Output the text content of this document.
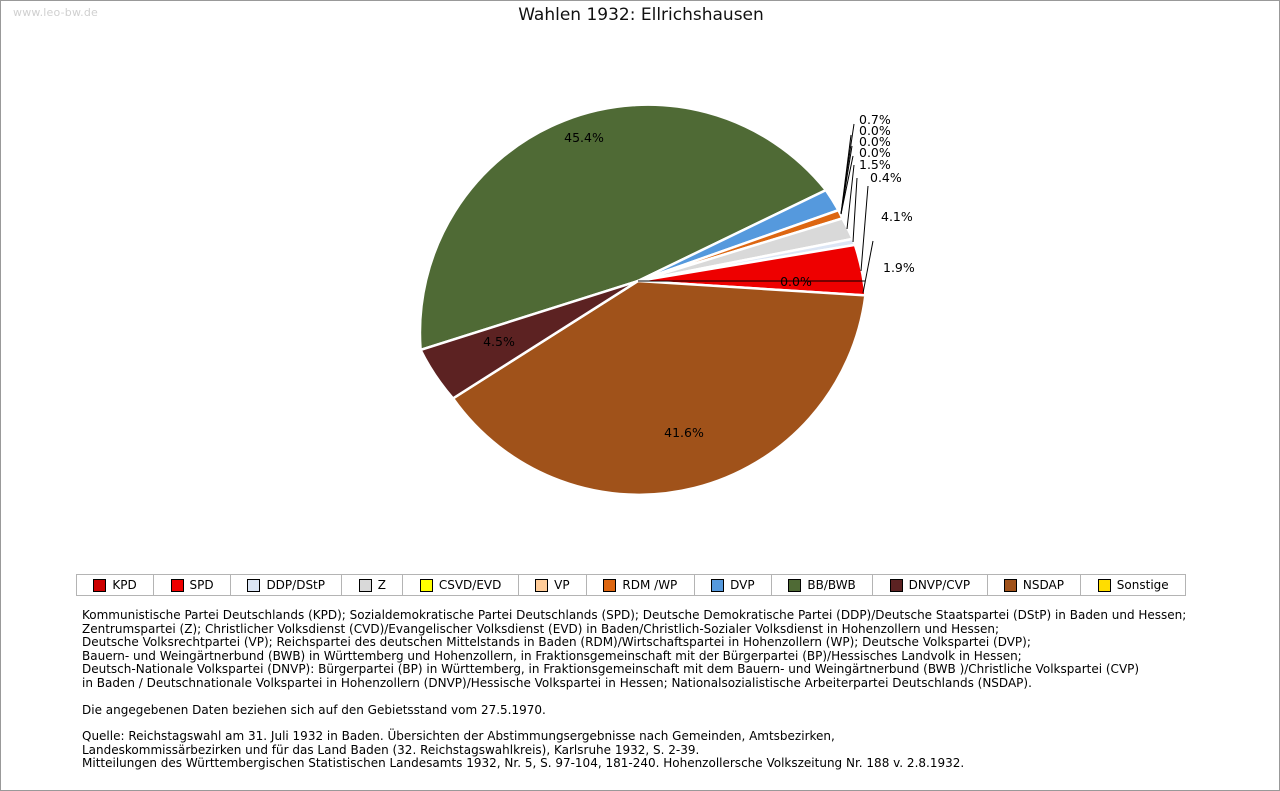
www.leo-bw.de	Wahlen 1932: Ellrichshausen
45.4%
41.6%
4.5%
0.0%
0.7%
0.0%
0.0%
0.0%
1.5%
0.4%
4.1%
1.9%
KPD	SPD	DDP/DStP	Z	CSVD/EVD	VP	RDM /WP	DVP	BB/BWB	DNVP/CVP	NSDAP	Sonstige
Kommunistische Partei Deutschlands (KPD); Sozialdemokratische Partei Deutschlands (SPD); Deutsche Demokratische Partei (DDP)/Deutsche Staatspartei (DStP) in Baden und Hessen;
Zentrumspartei (Z); Christlicher Volksdienst (CVD)/Evangelischer Volksdienst (EVD) in Baden/Christlich-Sozialer Volksdienst in Hohenzollern und Hessen;
Deutsche Volksrechtpartei (VP); Reichspartei des deutschen Mittelstands in Baden (RDM)/Wirtschaftspartei in Hohenzollern (WP); Deutsche Volkspartei (DVP);
Bauern- und Weingärtnerbund (BWB) in Württemberg und Hohenzollern, in Fraktionsgemeinschaft mit der Bürgerpartei (BP)/Hessisches Landvolk in Hessen;
Deutsch-Nationale Volkspartei (DNVP): Bürgerpartei (BP) in Württemberg, in Fraktionsgemeinschaft mit dem Bauern- und Weingärtnerbund (BWB )/Christliche Volkspartei (CVP)
in Baden / Deutschnationale Volkspartei in Hohenzollern (DNVP)/Hessische Volkspartei in Hessen; Nationalsozialistische Arbeiterpartei Deutschlands (NSDAP).
Die angegebenen Daten beziehen sich auf den Gebietsstand vom 27.5.1970.
Quelle: Reichstagswahl am 31. Juli 1932 in Baden. Übersichten der Abstimmungsergebnisse nach Gemeinden, Amtsbezirken,
Landeskommissärbezirken und für das Land Baden (32. Reichstagswahlkreis), Karlsruhe 1932, S. 2-39.
Mitteilungen des Württembergischen Statistischen Landesamts 1932, Nr. 5, S. 97-104, 181-240. Hohenzollersche Volkszeitung Nr. 188 v. 2.8.1932.
